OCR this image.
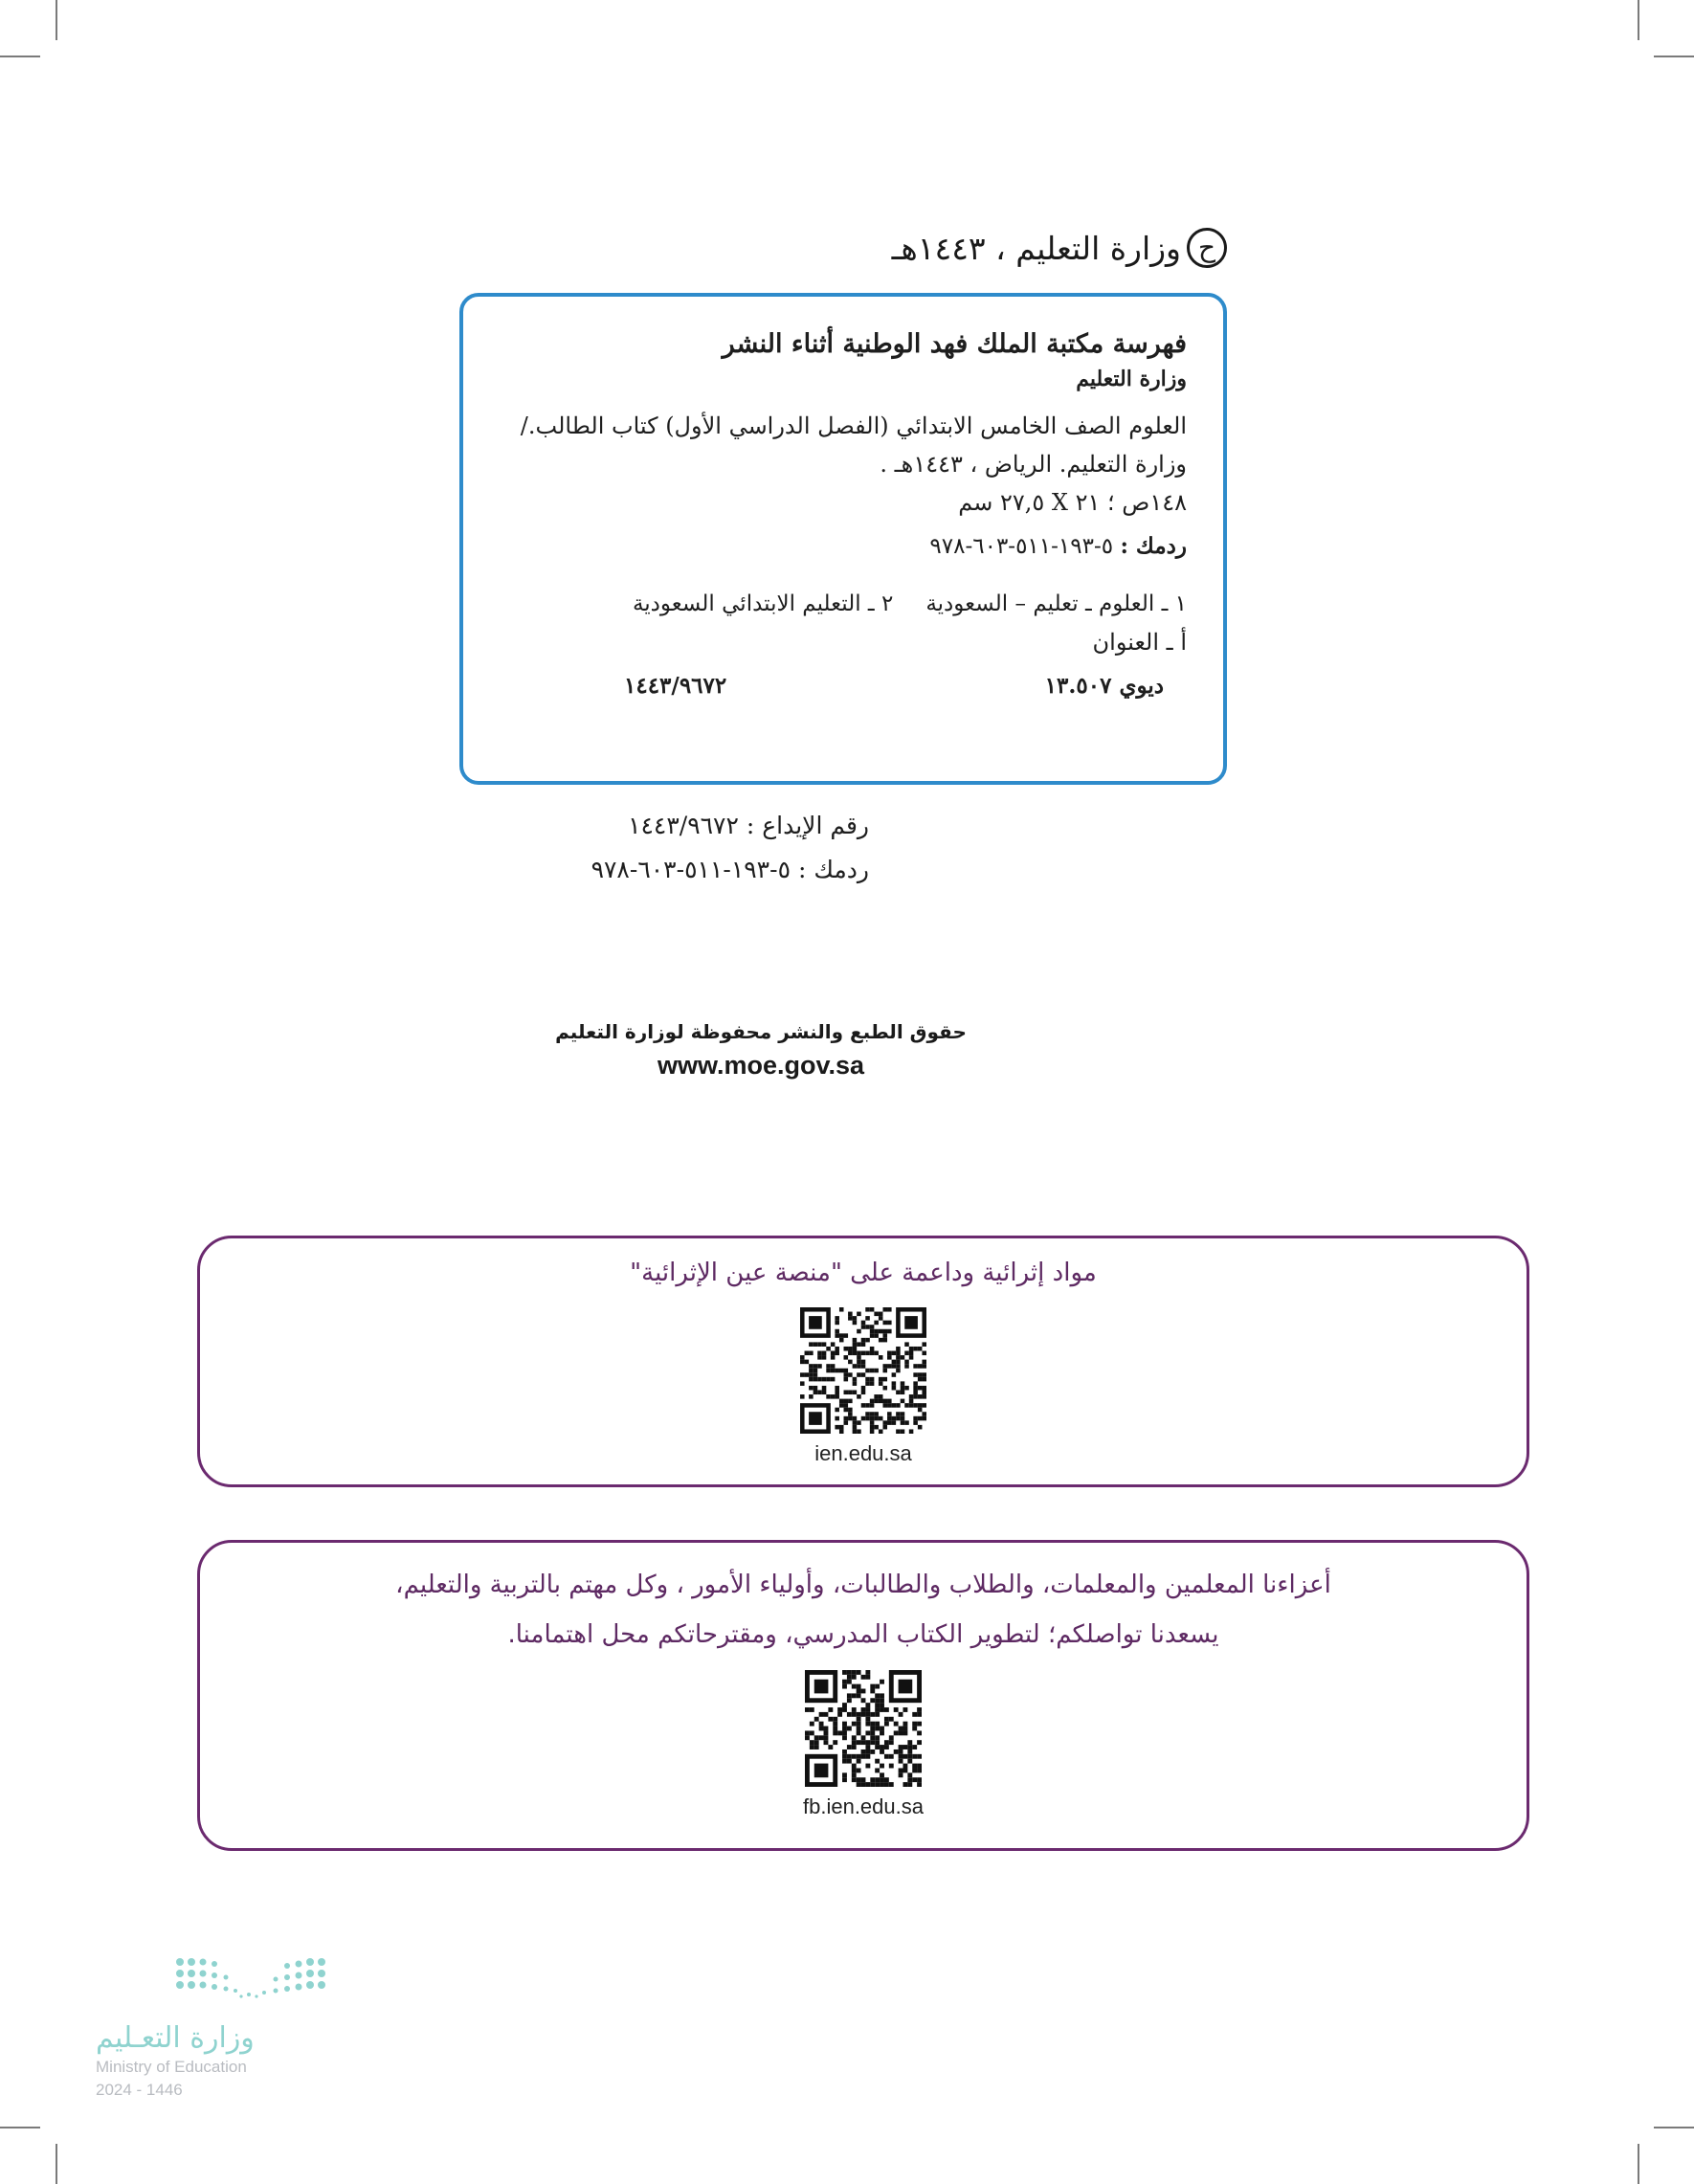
ح
وزارة التعليم ، ١٤٤٣هـ
فهرسة مكتبة الملك فهد الوطنية أثناء النشر
وزارة التعليم
العلوم الصف الخامس الابتدائي (الفصل الدراسي الأول) كتاب الطالب./
وزارة التعليم. الرياض ، ١٤٤٣هـ .
١٤٨ص ؛ ٢١ X ٢٧,٥ سم
ردمك : ٥-١٩٣-٥١١-٦٠٣-٩٧٨
١ ـ العلوم ـ تعليم – السعودية٢ ـ التعليم الابتدائي السعودية
أ ـ العنوان
ديوي ١٣.٥٠٧
١٤٤٣/٩٦٧٢
رقم الإيداع : ١٤٤٣/٩٦٧٢
ردمك : ٥-١٩٣-٥١١-٦٠٣-٩٧٨
حقوق الطبع والنشر محفوظة لوزارة التعليم
www.moe.gov.sa
مواد إثرائية وداعمة على "منصة عين الإثرائية"
ien.edu.sa
أعزاءنا المعلمين والمعلمات، والطلاب والطالبات، وأولياء الأمور ، وكل مهتم بالتربية والتعليم،
يسعدنا تواصلكم؛ لتطوير الكتاب المدرسي، ومقترحاتكم محل اهتمامنا.
fb.ien.edu.sa
وزارة التعـليم
Ministry of Education
2024 - 1446
